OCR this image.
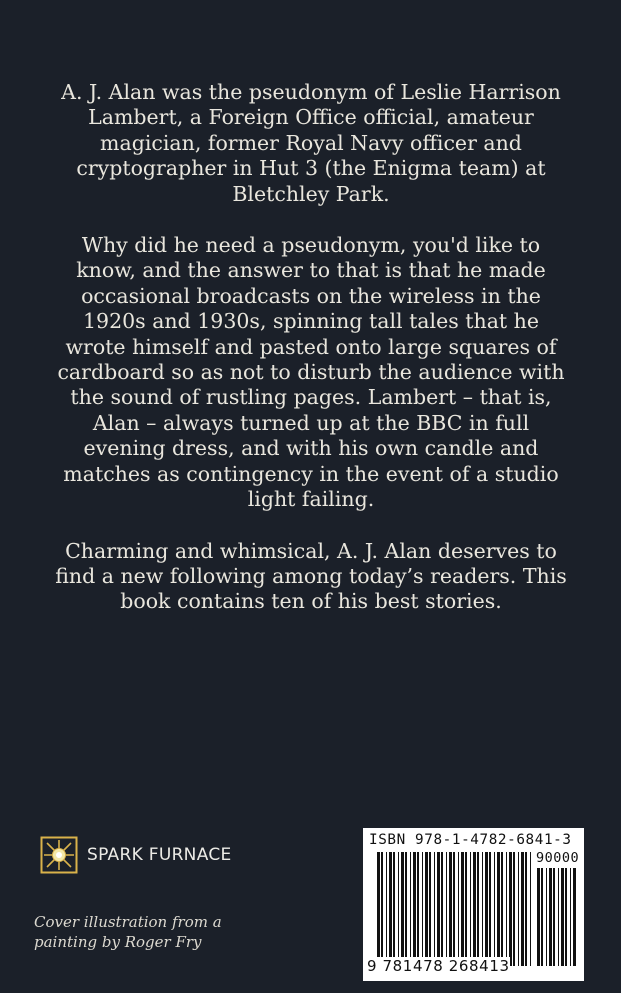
A. J. Alan was the pseudonym of Leslie Harrison Lambert, a Foreign Office official, amateur magician, former Royal Navy officer and cryptographer in Hut 3 (the Enigma team) at Bletchley Park.

Why did he need a pseudonym, you'd like to know, and the answer to that is that he made occasional broadcasts on the wireless in the 1920s and 1930s, spinning tall tales that he wrote himself and pasted onto large squares of cardboard so as not to disturb the audience with the sound of rustling pages. Lambert – that is, Alan – always turned up at the BBC in full evening dress, and with his own candle and matches as contingency in the event of a studio light failing.

Charming and whimsical, A. J. Alan deserves to find a new following among today’s readers. This book contains ten of his best stories.

SPARK FURNACE
Cover illustration from a
painting by Roger Fry
ISBN 978-1-4782-6841-3
90000
9 781478 268413
